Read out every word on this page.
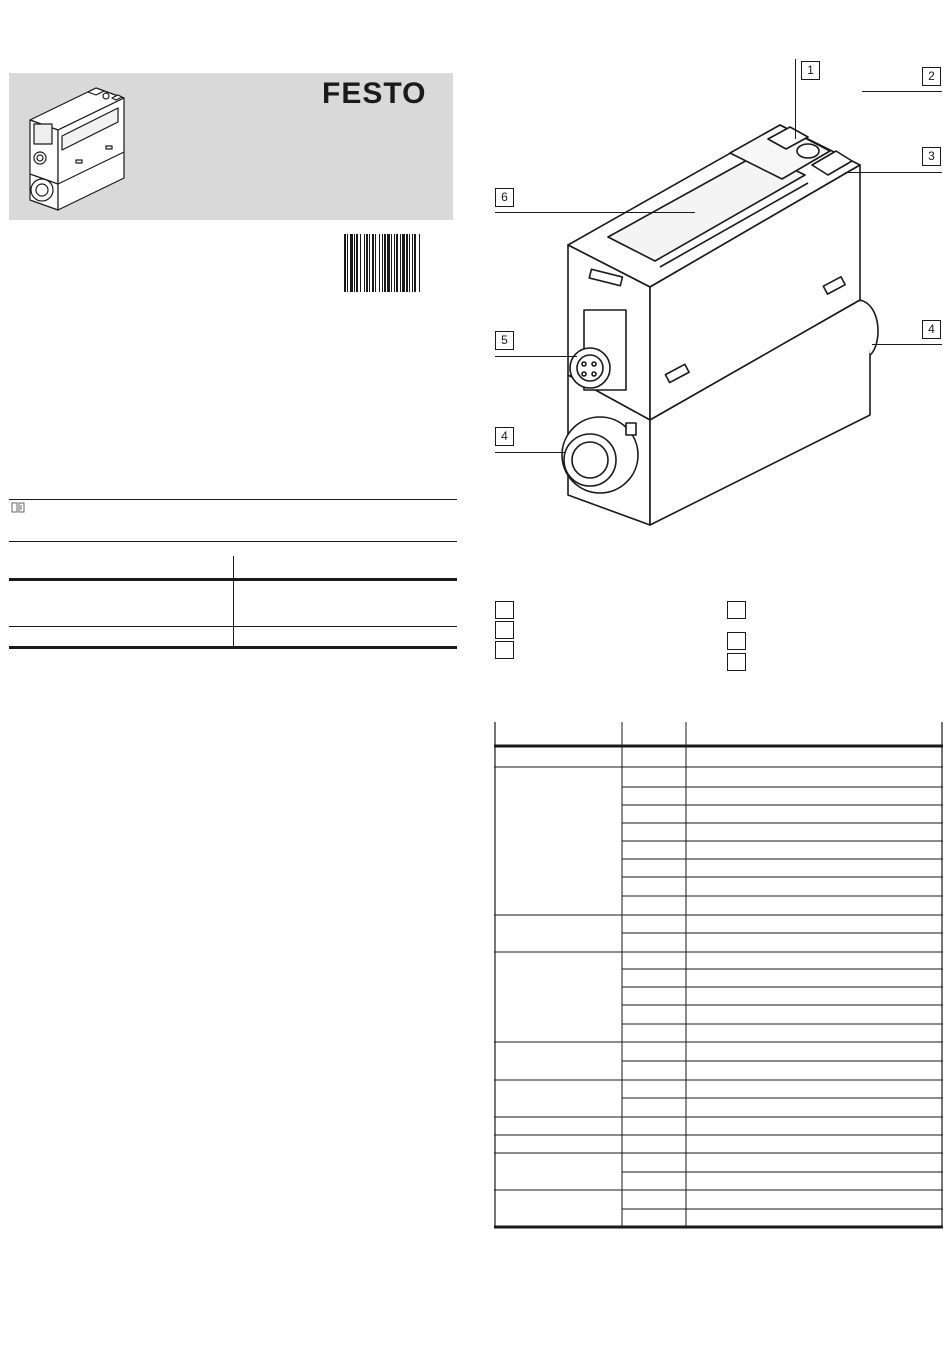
FESTO
1	2
3
4
5
4
6
